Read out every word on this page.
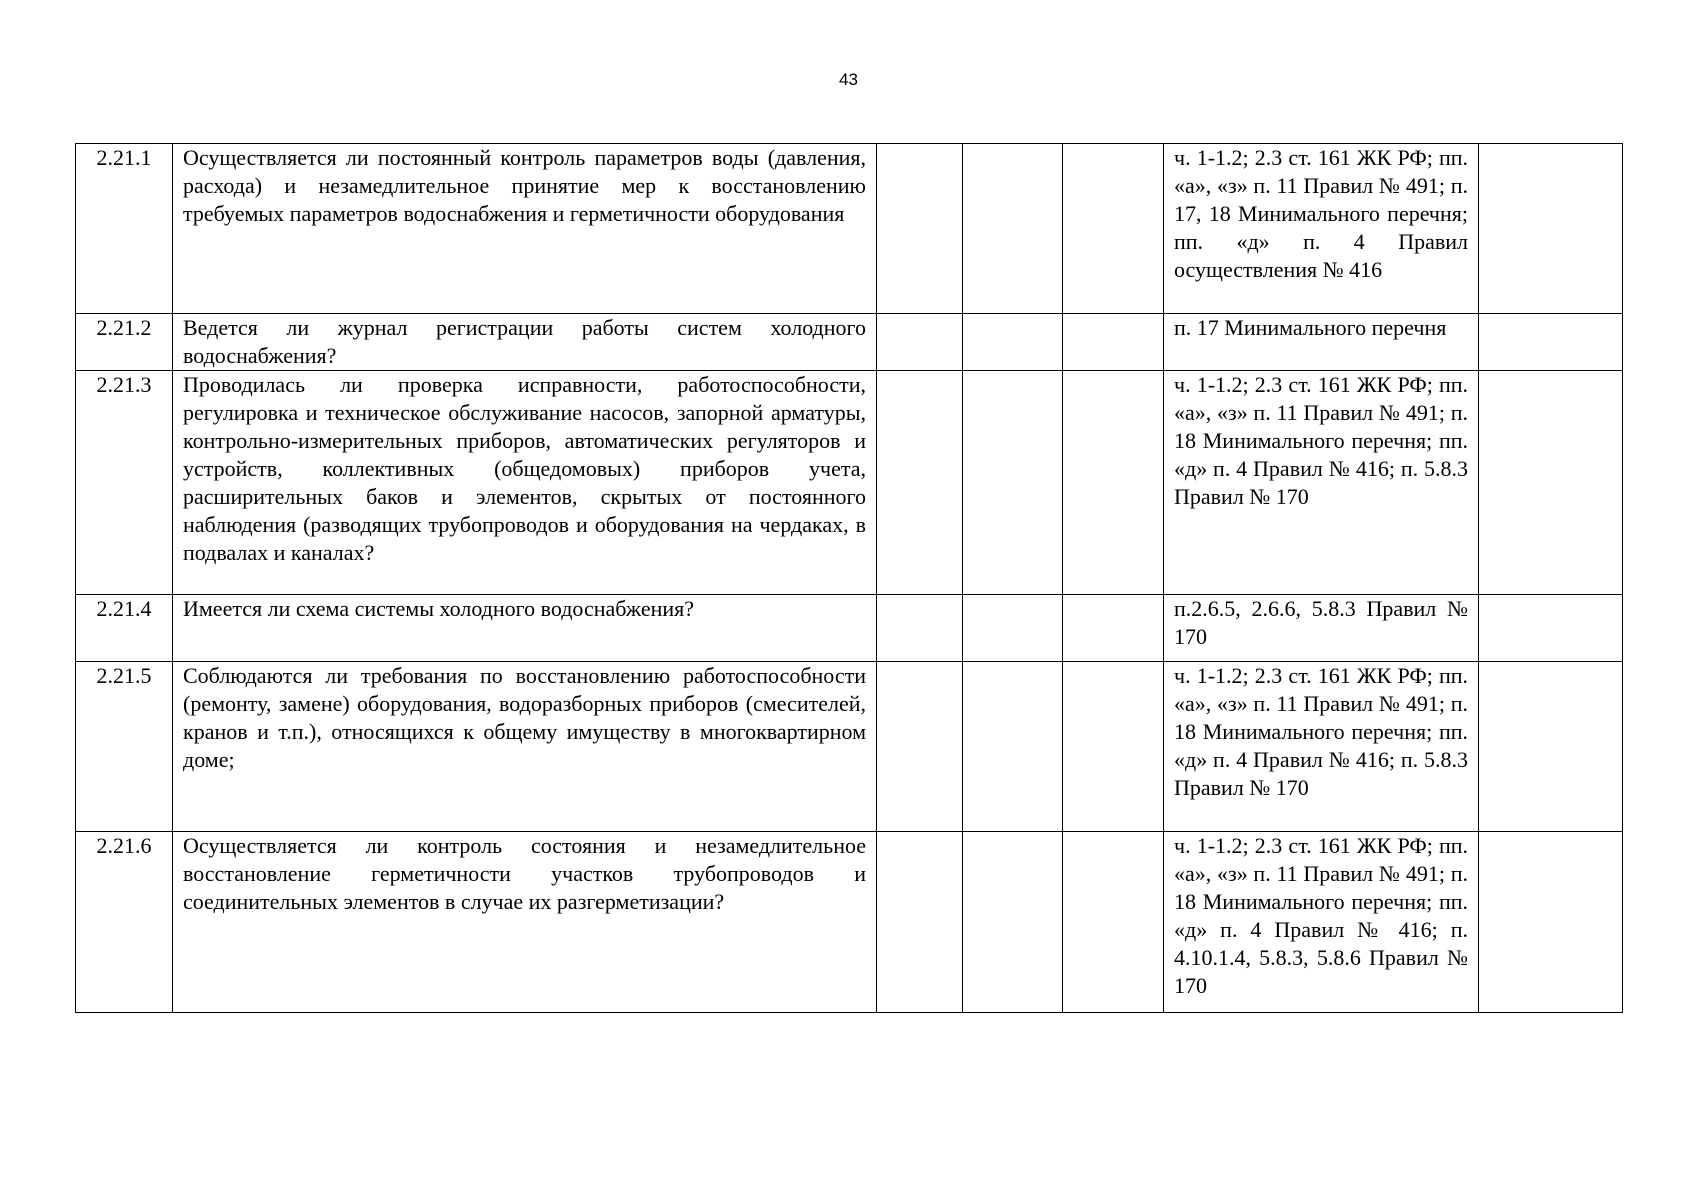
43
2.21.1	Осуществляется ли постоянный контроль параметров воды (давления, расхода) и незамедлительное принятие мер к восстановлению требуемых параметров водоснабжения и герметичности оборудования				ч. 1-1.2; 2.3 ст. 161 ЖК РФ; пп. «а», «з» п. 11 Правил № 491; п. 17, 18 Минимального перечня; пп. «д» п. 4 Правил осуществления № 416	
2.21.2	Ведется ли журнал регистрации работы систем холодного водоснабжения?				п. 17 Минимального перечня	
2.21.3	Проводилась ли проверка исправности, работоспособности, регулировка и техническое обслуживание насосов, запорной арматуры, контрольно-измерительных приборов, автоматических регуляторов и устройств, коллективных (общедомовых) приборов учета, расширительных баков и элементов, скрытых от постоянного наблюдения (разводящих трубопроводов и оборудования на чердаках, в подвалах и каналах?				ч. 1-1.2; 2.3 ст. 161 ЖК РФ; пп. «а», «з» п. 11 Правил № 491; п. 18 Минимального перечня; пп. «д» п. 4 Правил № 416; п. 5.8.3 Правил № 170	
2.21.4	Имеется ли схема системы холодного водоснабжения?				п.2.6.5, 2.6.6, 5.8.3 Правил № 170	
2.21.5	Соблюдаются ли требования по восстановлению работоспособности (ремонту, замене) оборудования, водоразборных приборов (смесителей, кранов и т.п.), относящихся к общему имуществу в многоквартирном доме;				ч. 1-1.2; 2.3 ст. 161 ЖК РФ; пп. «а», «з» п. 11 Правил № 491; п. 18 Минимального перечня; пп. «д» п. 4 Правил № 416; п. 5.8.3 Правил № 170	
2.21.6	Осуществляется ли контроль состояния и незамедлительное восстановление герметичности участков трубопроводов и соединительных элементов в случае их разгерметизации?				ч. 1-1.2; 2.3 ст. 161 ЖК РФ; пп. «а», «з» п. 11 Правил № 491; п. 18 Минимального перечня; пп. «д» п. 4 Правил № 416; п. 4.10.1.4, 5.8.3, 5.8.6 Правил № 170	
